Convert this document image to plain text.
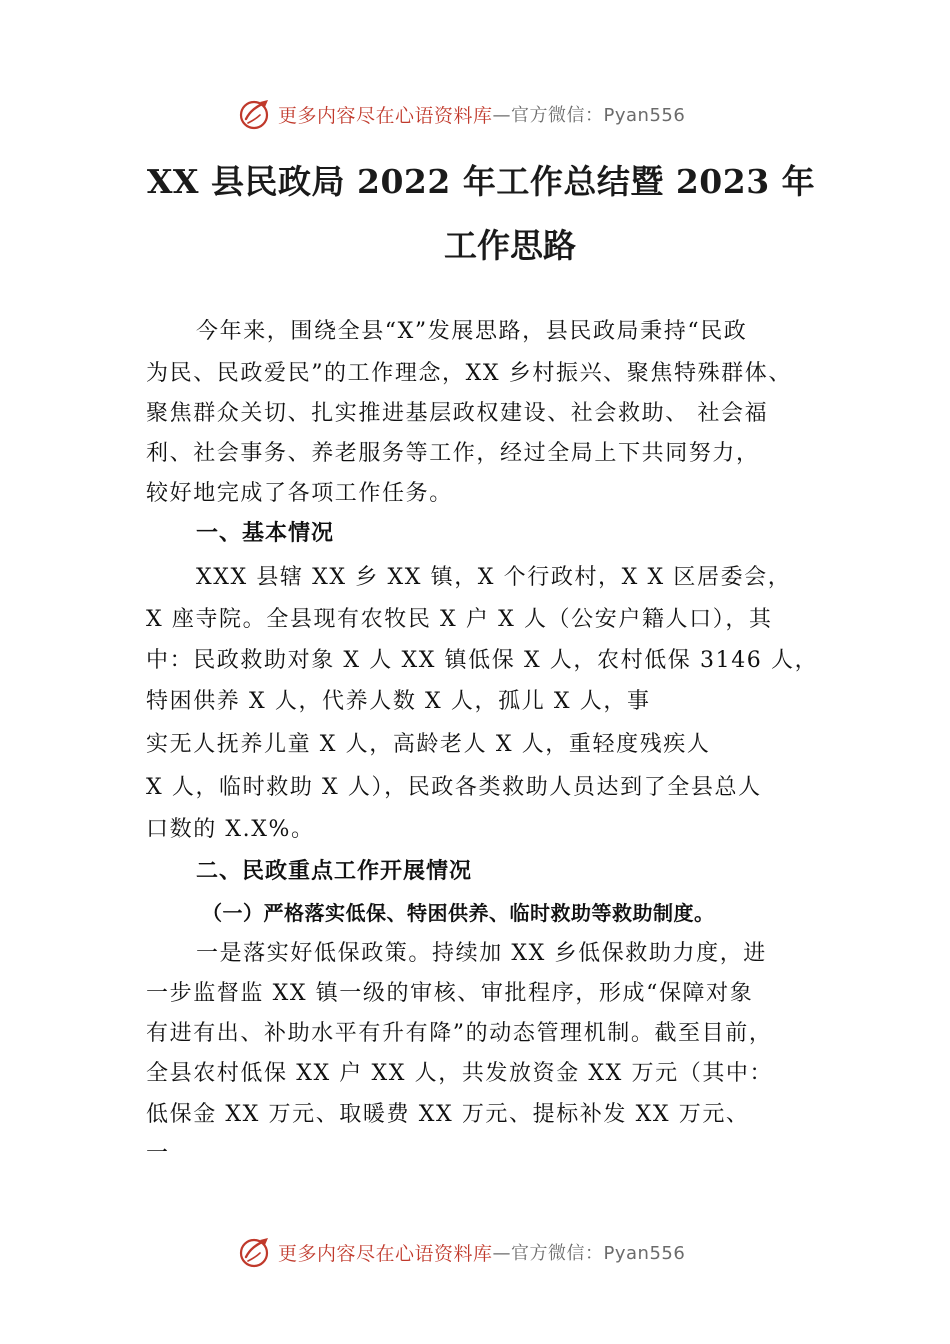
更多内容尽在心语资料库 —官方微信：Pyan556
XX 县民政局 2022 年工作总结暨 2023 年
工作思路
今年来，围绕全县“X”发展思路，县民政局秉持“民政
为民、民政爱民”的工作理念，XX 乡村振兴、聚焦特殊群体、
聚焦群众关切、扎实推进基层政权建设、社会救助、 社会福
利、社会事务、养老服务等工作，经过全局上下共同努力，
较好地完成了各项工作任务。
一、基本情况
XXX 县辖 XX 乡 XX 镇，X 个行政村，X X 区居委会，
X 座寺院。全县现有农牧民 X 户 X 人（公安户籍人口），其
中：民政救助对象 X 人 XX 镇低保 X 人，农村低保 3146 人，
特困供养 X 人，代养人数 X 人，孤儿 X 人，事
实无人抚养儿童 X 人，高龄老人 X 人，重轻度残疾人
X 人，临时救助 X 人），民政各类救助人员达到了全县总人
口数的 X.X%。
二、民政重点工作开展情况
（一）严格落实低保、特困供养、临时救助等救助制度。
一是落实好低保政策。持续加 XX 乡低保救助力度，进
一步监督监 XX 镇一级的审核、审批程序，形成“保障对象
有进有出、补助水平有升有降”的动态管理机制。截至目前，
全县农村低保 XX 户 XX 人，共发放资金 XX 万元（其中：
低保金 XX 万元、取暖费 XX 万元、提标补发 XX 万元、
一
更多内容尽在心语资料库 —官方微信：Pyan556
